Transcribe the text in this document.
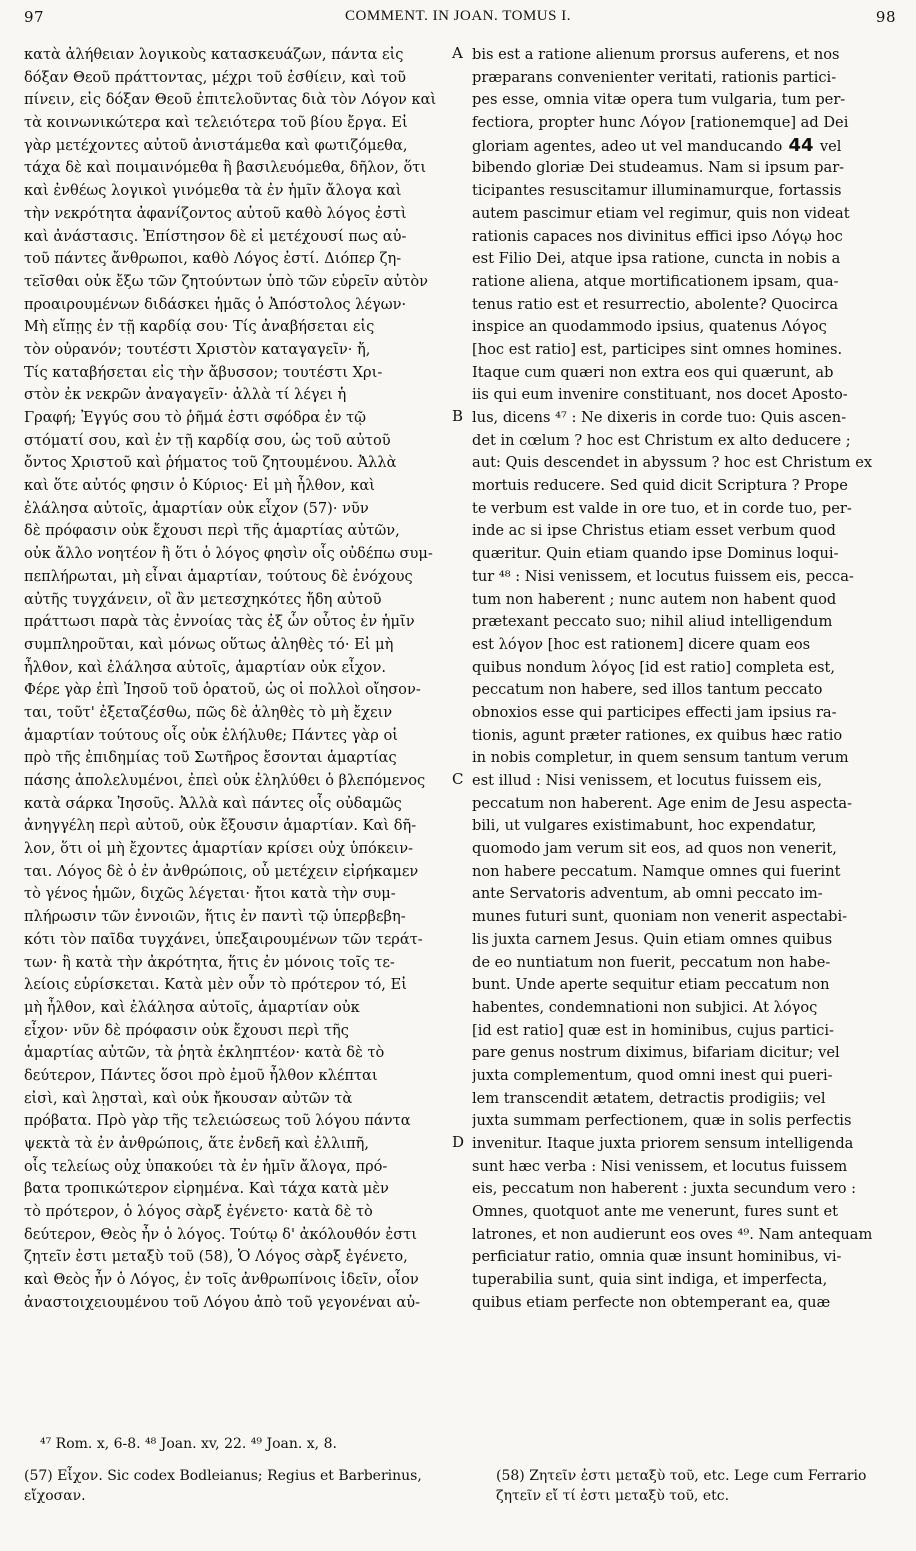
97	COMMENT. IN JOAN. TOMUS I.	98
κατὰ ἀλήθειαν λογικοὺς κατασκευάζων, πάντα εἰς
δόξαν Θεοῦ πράττοντας, μέχρι τοῦ ἐσθίειν, καὶ τοῦ
πίνειν, εἰς δόξαν Θεοῦ ἐπιτελοῦντας διὰ τὸν Λόγον καὶ
τὰ κοινωνικώτερα καὶ τελειότερα τοῦ βίου ἔργα. Εἰ
γὰρ μετέχοντες αὐτοῦ ἀνιστάμεθα καὶ φωτιζόμεθα,
τάχα δὲ καὶ ποιμαινόμεθα ἢ βασιλευόμεθα, δῆλον, ὅτι
καὶ ἐνθέως λογικοὶ γινόμεθα τὰ ἐν ἡμῖν ἄλογα καὶ
τὴν νεκρότητα ἀφανίζοντος αὐτοῦ καθὸ λόγος ἐστὶ
καὶ ἀνάστασις. Ἐπίστησον δὲ εἰ μετέχουσί πως αὐ-
τοῦ πάντες ἄνθρωποι, καθὸ Λόγος ἐστί. Διόπερ ζη-
τεῖσθαι οὐκ ἔξω τῶν ζητούντων ὑπὸ τῶν εὑρεῖν αὐτὸν
προαιρουμένων διδάσκει ἡμᾶς ὁ Ἀπόστολος λέγων·
Μὴ εἴπῃς ἐν τῇ καρδίᾳ σου· Τίς ἀναβήσεται εἰς
τὸν οὐρανόν; τουτέστι Χριστὸν καταγαγεῖν· ἤ,
Τίς καταβήσεται εἰς τὴν ἄβυσσον; τουτέστι Χρι-
στὸν ἐκ νεκρῶν ἀναγαγεῖν· ἀλλὰ τί λέγει ἡ
Γραφή; Ἐγγύς σου τὸ ῥῆμά ἐστι σφόδρα ἐν τῷ
στόματί σου, καὶ ἐν τῇ καρδίᾳ σου, ὡς τοῦ αὐτοῦ
ὄντος Χριστοῦ καὶ ῥήματος τοῦ ζητουμένου. Ἀλλὰ
καὶ ὅτε αὐτός φησιν ὁ Κύριος· Εἰ μὴ ἦλθον, καὶ
ἐλάλησα αὐτοῖς, ἁμαρτίαν οὐκ εἶχον (57)· νῦν
δὲ πρόφασιν οὐκ ἔχουσι περὶ τῆς ἁμαρτίας αὐτῶν,
οὐκ ἄλλο νοητέον ἢ ὅτι ὁ λόγος φησὶν οἷς οὐδέπω συμ-
πεπλήρωται, μὴ εἶναι ἁμαρτίαν, τούτους δὲ ἐνόχους
αὐτῆς τυγχάνειν, οἳ ἂν μετεσχηκότες ἤδη αὐτοῦ
πράττωσι παρὰ τὰς ἐννοίας τὰς ἐξ ὧν οὗτος ἐν ἡμῖν
συμπληροῦται, καὶ μόνως οὕτως ἀληθὲς τό· Εἰ μὴ
ἦλθον, καὶ ἐλάλησα αὐτοῖς, ἁμαρτίαν οὐκ εἶχον.
Φέρε γὰρ ἐπὶ Ἰησοῦ τοῦ ὁρατοῦ, ὡς οἱ πολλοὶ οἴησον-
ται, τοῦτ' ἐξεταζέσθω, πῶς δὲ ἀληθὲς τὸ μὴ ἔχειν
ἁμαρτίαν τούτους οἷς οὐκ ἐλήλυθε; Πάντες γὰρ οἱ
πρὸ τῆς ἐπιδημίας τοῦ Σωτῆρος ἔσονται ἁμαρτίας
πάσης ἀπολελυμένοι, ἐπεὶ οὐκ ἐληλύθει ὁ βλεπόμενος
κατὰ σάρκα Ἰησοῦς. Ἀλλὰ καὶ πάντες οἷς οὐδαμῶς
ἀνηγγέλη περὶ αὐτοῦ, οὐκ ἔξουσιν ἁμαρτίαν. Καὶ δῆ-
λον, ὅτι οἱ μὴ ἔχοντες ἁμαρτίαν κρίσει οὐχ ὑπόκειν-
ται. Λόγος δὲ ὁ ἐν ἀνθρώποις, οὗ μετέχειν εἰρήκαμεν
τὸ γένος ἡμῶν, διχῶς λέγεται· ἤτοι κατὰ τὴν συμ-
πλήρωσιν τῶν ἐννοιῶν, ἥτις ἐν παντὶ τῷ ὑπερβεβη-
κότι τὸν παῖδα τυγχάνει, ὑπεξαιρουμένων τῶν τεράτ-
των· ἢ κατὰ τὴν ἀκρότητα, ἥτις ἐν μόνοις τοῖς τε-
λείοις εὑρίσκεται. Κατὰ μὲν οὖν τὸ πρότερον τό, Εἰ
μὴ ἦλθον, καὶ ἐλάλησα αὐτοῖς, ἁμαρτίαν οὐκ
εἶχον· νῦν δὲ πρόφασιν οὐκ ἔχουσι περὶ τῆς
ἁμαρτίας αὐτῶν, τὰ ῥητὰ ἐκληπτέον· κατὰ δὲ τὸ
δεύτερον, Πάντες ὅσοι πρὸ ἐμοῦ ἦλθον κλέπται
εἰσὶ, καὶ λῃσταὶ, καὶ οὐκ ἤκουσαν αὐτῶν τὰ
πρόβατα. Πρὸ γὰρ τῆς τελειώσεως τοῦ λόγου πάντα
ψεκτὰ τὰ ἐν ἀνθρώποις, ἅτε ἐνδεῆ καὶ ἐλλιπῆ,
οἷς τελείως οὐχ ὑπακούει τὰ ἐν ἡμῖν ἄλογα, πρό-
βατα τροπικώτερον εἰρημένα. Καὶ τάχα κατὰ μὲν
τὸ πρότερον, ὁ λόγος σὰρξ ἐγένετο· κατὰ δὲ τὸ
δεύτερον, Θεὸς ἦν ὁ λόγος. Τούτῳ δ' ἀκόλουθόν ἐστι
ζητεῖν ἐστι μεταξὺ τοῦ (58), Ὁ Λόγος σὰρξ ἐγένετο,
καὶ Θεὸς ἦν ὁ Λόγος, ἐν τοῖς ἀνθρωπίνοις ἰδεῖν, οἷον
ἀναστοιχειουμένου τοῦ Λόγου ἀπὸ τοῦ γεγονέναι αὐ-
A
B
C
D
bis est a ratione alienum prorsus auferens, et nos
præparans convenienter veritati, rationis partici-
pes esse, omnia vitæ opera tum vulgaria, tum per-
fectiora, propter hunc Λόγον [rationemque] ad Dei
gloriam agentes, adeo ut vel manducando 44 vel
bibendo gloriæ Dei studeamus. Nam si ipsum par-
ticipantes resuscitamur illuminamurque, fortassis
autem pascimur etiam vel regimur, quis non videat
rationis capaces nos divinitus effici ipso Λόγῳ hoc
est Filio Dei, atque ipsa ratione, cuncta in nobis a
ratione aliena, atque mortificationem ipsam, qua-
tenus ratio est et resurrectio, abolente? Quocirca
inspice an quodammodo ipsius, quatenus Λόγος
[hoc est ratio] est, participes sint omnes homines.
Itaque cum quæri non extra eos qui quærunt, ab
iis qui eum invenire constituant, nos docet Aposto-
lus, dicens ⁴⁷ : Ne dixeris in corde tuo: Quis ascen-
det in cœlum ? hoc est Christum ex alto deducere ;
aut: Quis descendet in abyssum ? hoc est Christum ex
mortuis reducere. Sed quid dicit Scriptura ? Prope
te verbum est valde in ore tuo, et in corde tuo, per-
inde ac si ipse Christus etiam esset verbum quod
quæritur. Quin etiam quando ipse Dominus loqui-
tur ⁴⁸ : Nisi venissem, et locutus fuissem eis, pecca-
tum non haberent ; nunc autem non habent quod
prætexant peccato suo; nihil aliud intelligendum
est λόγον [hoc est rationem] dicere quam eos
quibus nondum λόγος [id est ratio] completa est,
peccatum non habere, sed illos tantum peccato
obnoxios esse qui participes effecti jam ipsius ra-
tionis, agunt præter rationes, ex quibus hæc ratio
in nobis completur, in quem sensum tantum verum
est illud : Nisi venissem, et locutus fuissem eis,
peccatum non haberent. Age enim de Jesu aspecta-
bili, ut vulgares existimabunt, hoc expendatur,
quomodo jam verum sit eos, ad quos non venerit,
non habere peccatum. Namque omnes qui fuerint
ante Servatoris adventum, ab omni peccato im-
munes futuri sunt, quoniam non venerit aspectabi-
lis juxta carnem Jesus. Quin etiam omnes quibus
de eo nuntiatum non fuerit, peccatum non habe-
bunt. Unde aperte sequitur etiam peccatum non
habentes, condemnationi non subjici. At λόγος
[id est ratio] quæ est in hominibus, cujus partici-
pare genus nostrum diximus, bifariam dicitur; vel
juxta complementum, quod omni inest qui pueri-
lem transcendit ætatem, detractis prodigiis; vel
juxta summam perfectionem, quæ in solis perfectis
invenitur. Itaque juxta priorem sensum intelligenda
sunt hæc verba : Nisi venissem, et locutus fuissem
eis, peccatum non haberent : juxta secundum vero :
Omnes, quotquot ante me venerunt, fures sunt et
latrones, et non audierunt eos oves ⁴⁹. Nam antequam
perficiatur ratio, omnia quæ insunt hominibus, vi-
tuperabilia sunt, quia sint indiga, et imperfecta,
quibus etiam perfecte non obtemperant ea, quæ
⁴⁷ Rom. x, 6-8. ⁴⁸ Joan. xv, 22. ⁴⁹ Joan. x, 8.
(57) Εἶχον. Sic codex Bodleianus; Regius et Barberinus, εἴχοσαν.
(58) Ζητεῖν ἐστι μεταξὺ τοῦ, etc. Lege cum Ferrario ζητεῖν εἴ τί ἐστι μεταξὺ τοῦ, etc.
